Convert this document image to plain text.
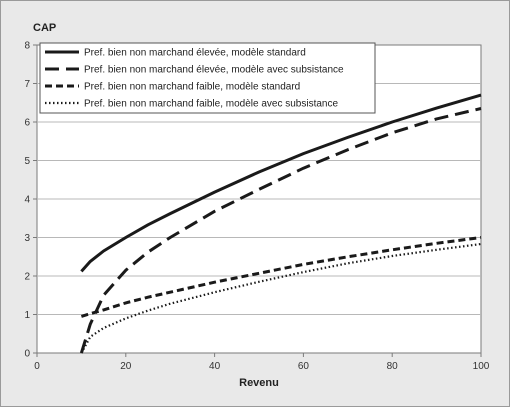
0
1
2
3
4
5
6
7
8
0	20	40	60	80	100
CAP
Revenu
Pref. bien non marchand élevée, modèle standard
Pref. bien non marchand élevée, modèle avec subsistance
Pref. bien non marchand faible, modèle standard
Pref. bien non marchand faible, modèle avec subsistance
